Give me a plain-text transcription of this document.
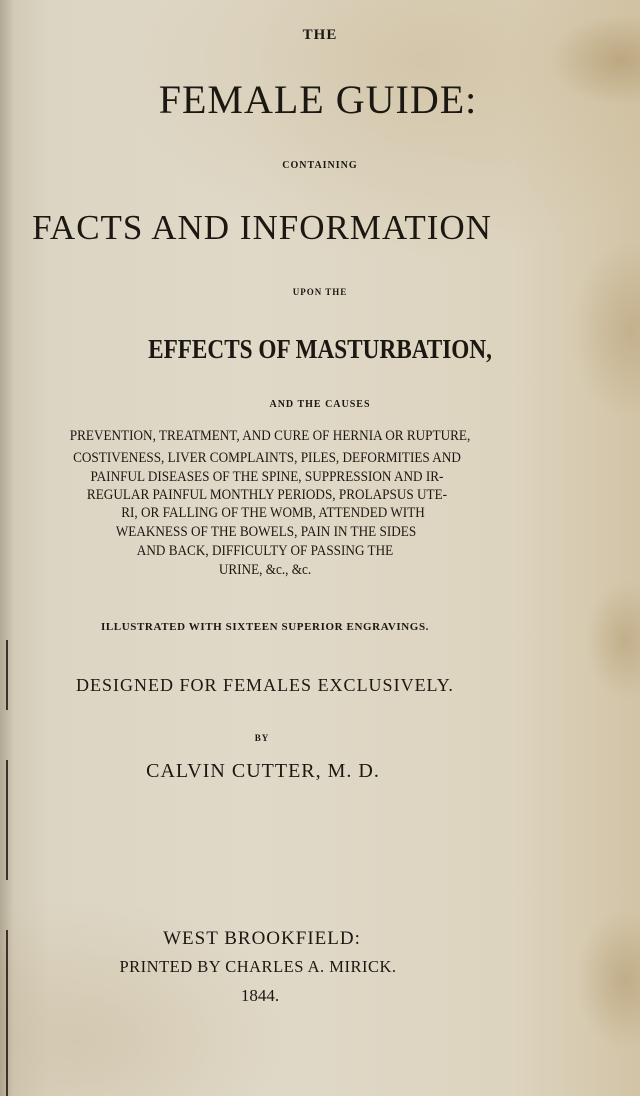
THE

FEMALE GUIDE:

CONTAINING

FACTS AND INFORMATION

UPON THE

EFFECTS OF MASTURBATION,

AND THE CAUSES

PREVENTION, TREATMENT, AND CURE OF HERNIA OR RUPTURE,

COSTIVENESS, LIVER COMPLAINTS, PILES, DEFORMITIES AND

PAINFUL DISEASES OF THE SPINE, SUPPRESSION AND IR-

REGULAR PAINFUL MONTHLY PERIODS, PROLAPSUS UTE-

RI, OR FALLING OF THE WOMB, ATTENDED WITH

WEAKNESS OF THE BOWELS, PAIN IN THE SIDES

AND BACK, DIFFICULTY OF PASSING THE

URINE, &c., &c.

ILLUSTRATED WITH SIXTEEN SUPERIOR ENGRAVINGS.

DESIGNED FOR FEMALES EXCLUSIVELY.

BY

CALVIN CUTTER, M. D.

WEST BROOKFIELD:

PRINTED BY CHARLES A. MIRICK.

1844.
